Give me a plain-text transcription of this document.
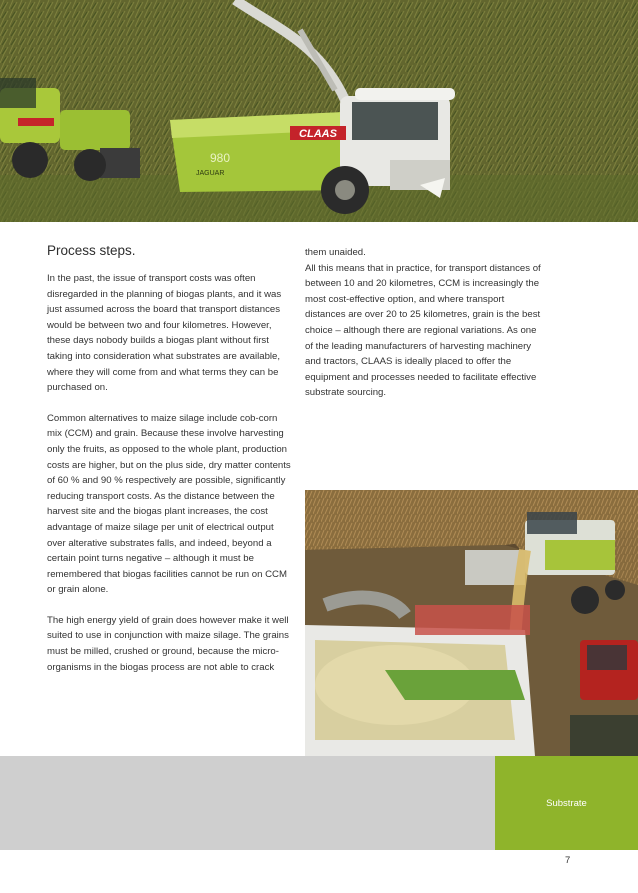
CLAAS
980
JAGUAR
Process steps.

In the past, the issue of transport costs was often disregarded in the planning of biogas plants, and it was just assumed across the board that transport distances would be between two and four kilometres. However, these days nobody builds a biogas plant without first taking into consideration what substrates are available, where they will come from and what terms they can be purchased on.

Common alternatives to maize silage include cob-corn mix (CCM) and grain. Because these involve harvesting only the fruits, as opposed to the whole plant, production costs are higher, but on the plus side, dry matter contents of 60 % and 90 % respectively are possible, significantly reducing transport costs. As the distance between the harvest site and the biogas plant increases, the cost advantage of maize silage per unit of electrical output over alterative substrates falls, and indeed, beyond a certain point turns negative – although it must be remembered that biogas facilities cannot be run on CCM or grain alone.

The high energy yield of grain does however make it well suited to use in conjunction with maize silage. The grains must be milled, crushed or ground, because the micro-organisms in the biogas process are not able to crack

them unaided.
All this means that in practice, for transport distances of between 10 and 20 kilometres, CCM is increasingly the most cost-effective option, and where transport distances are over 20 to 25 kilometres, grain is the best choice – although there are regional variations. As one of the leading manufacturers of harvesting machinery and tractors, CLAAS is ideally placed to offer the equipment and processes needed to facilitate effective substrate sourcing.

Substrate
7
